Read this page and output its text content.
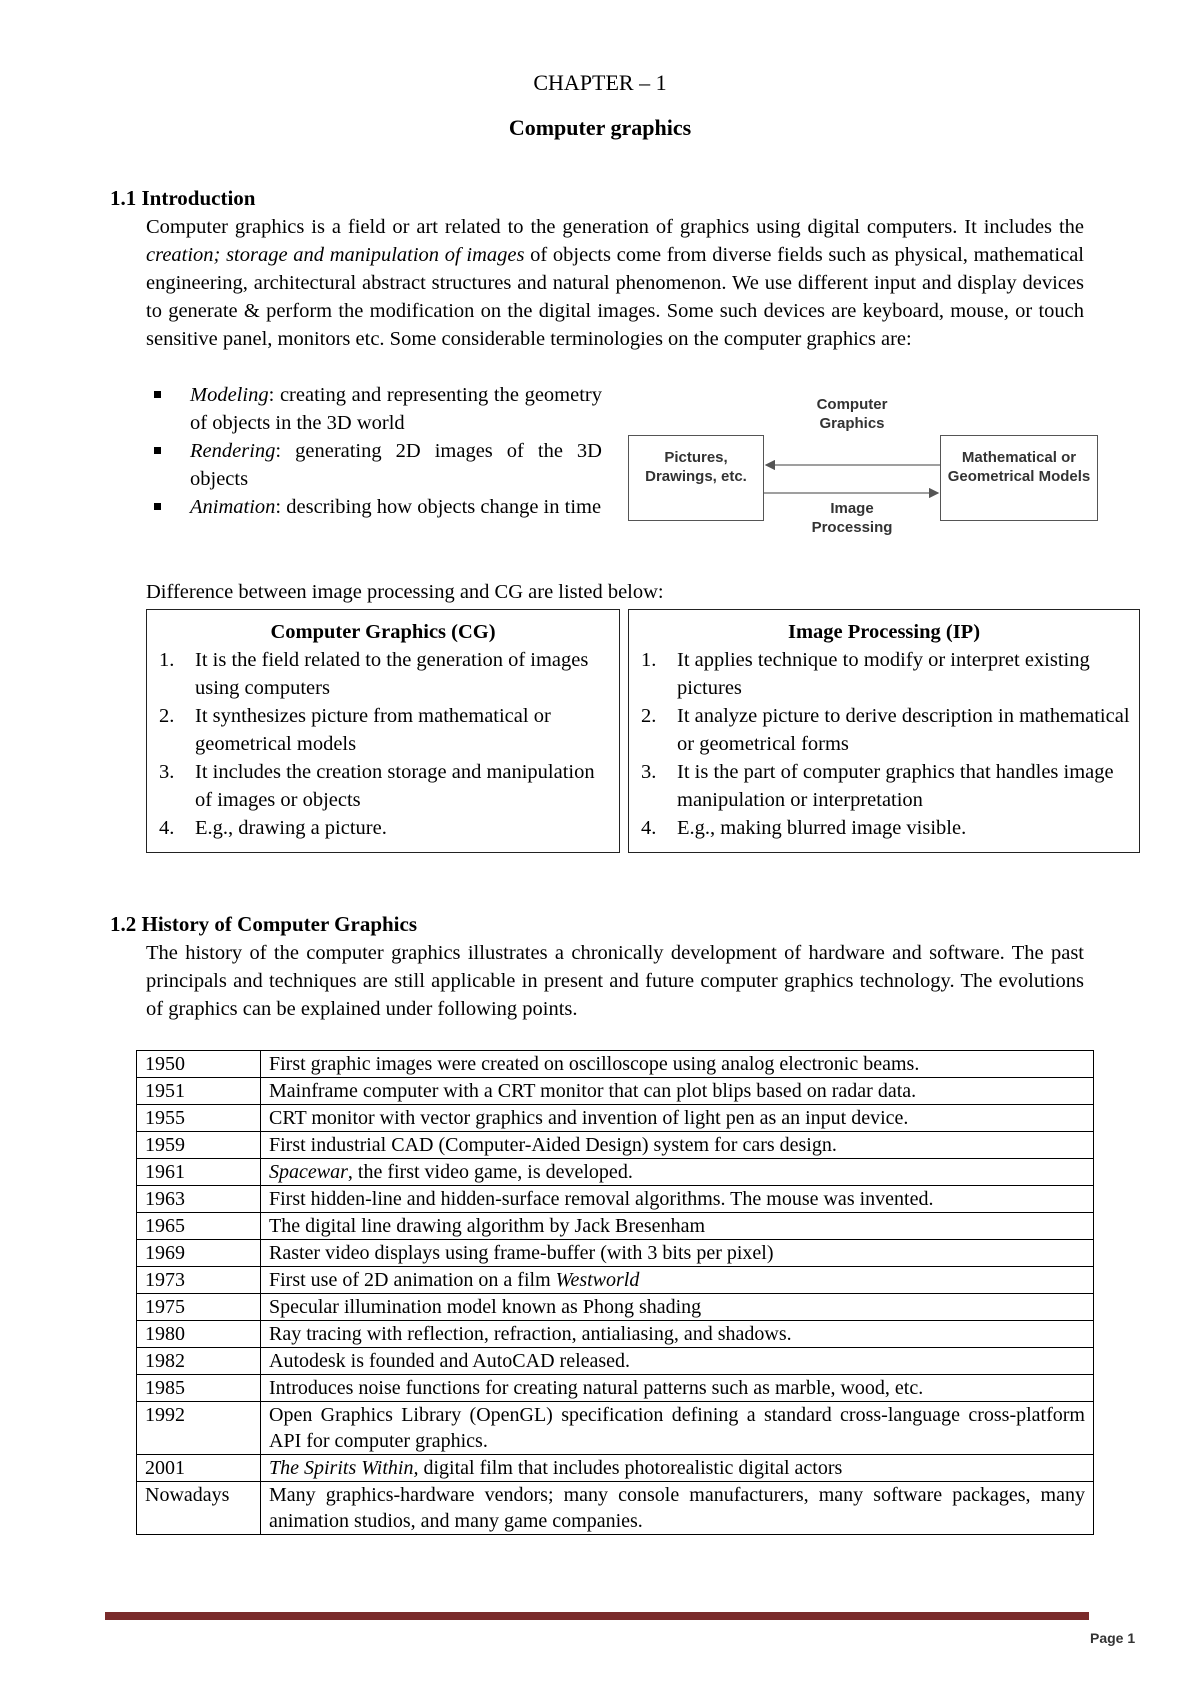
CHAPTER – 1
Computer graphics
1.1 Introduction
Computer graphics is a field or art related to the generation of graphics using digital computers. It includes the creation; storage and manipulation of images of objects come from diverse fields such as physical, mathematical engineering, architectural abstract structures and natural phenomenon. We use different input and display devices to generate & perform the modification on the digital images. Some such devices are keyboard, mouse, or touch sensitive panel, monitors etc. Some considerable terminologies on the computer graphics are:
Modeling: creating and representing the geometry of objects in the 3D world
Rendering: generating 2D images of the 3D objects
Animation: describing how objects change in time
Computer Graphics
Pictures, Drawings, etc.
Mathematical or Geometrical Models
Image Processing
Difference between image processing and CG are listed below:
Computer Graphics (CG)
1. It is the field related to the generation of images using computers
2. It synthesizes picture from mathematical or geometrical models
3. It includes the creation storage and manipulation of images or objects
4. E.g., drawing a picture.
Image Processing (IP)
1. It applies technique to modify or interpret existing pictures
2. It analyze picture to derive description in mathematical or geometrical forms
3. It is the part of computer graphics that handles image manipulation or interpretation
4. E.g., making blurred image visible.
1.2 History of Computer Graphics
The history of the computer graphics illustrates a chronically development of hardware and software. The past principals and techniques are still applicable in present and future computer graphics technology. The evolutions of graphics can be explained under following points.
1950	First graphic images were created on oscilloscope using analog electronic beams.
1951	Mainframe computer with a CRT monitor that can plot blips based on radar data.
1955	CRT monitor with vector graphics and invention of light pen as an input device.
1959	First industrial CAD (Computer-Aided Design) system for cars design.
1961	Spacewar, the first video game, is developed.
1963	First hidden-line and hidden-surface removal algorithms. The mouse was invented.
1965	The digital line drawing algorithm by Jack Bresenham
1969	Raster video displays using frame-buffer (with 3 bits per pixel)
1973	First use of 2D animation on a film Westworld
1975	Specular illumination model known as Phong shading
1980	Ray tracing with reflection, refraction, antialiasing, and shadows.
1982	Autodesk is founded and AutoCAD released.
1985	Introduces noise functions for creating natural patterns such as marble, wood, etc.
1992	Open Graphics Library (OpenGL) specification defining a standard cross-language cross-platform API for computer graphics.
2001	The Spirits Within, digital film that includes photorealistic digital actors
Nowadays	Many graphics-hardware vendors; many console manufacturers, many software packages, many animation studios, and many game companies.
Page 1
